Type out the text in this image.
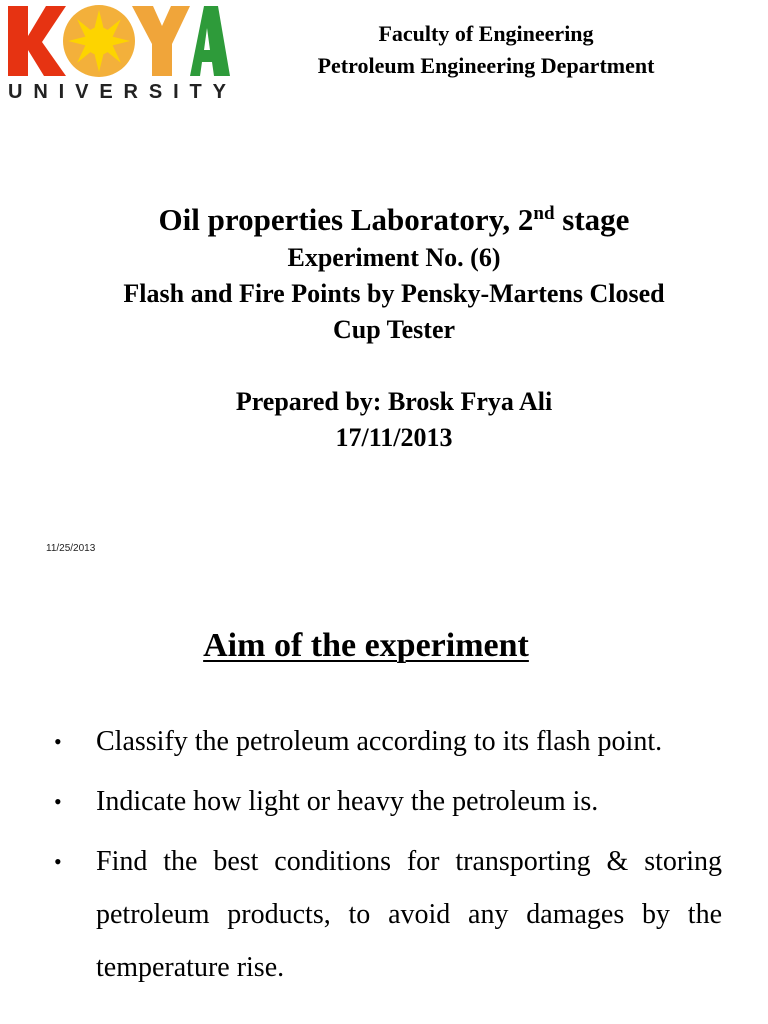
UNIVERSITY
Faculty of Engineering
Petroleum Engineering Department
Oil properties Laboratory, 2nd stage
Experiment No. (6)
Flash and Fire Points by Pensky-Martens Closed
Cup Tester
Prepared by: Brosk Frya Ali
17/11/2013
11/25/2013
Aim of the experiment
• Classify the petroleum according to its flash point.
• Indicate how light or heavy the petroleum is.
• Find the best conditions for transporting & storing petroleum products, to avoid any damages by the temperature rise.
